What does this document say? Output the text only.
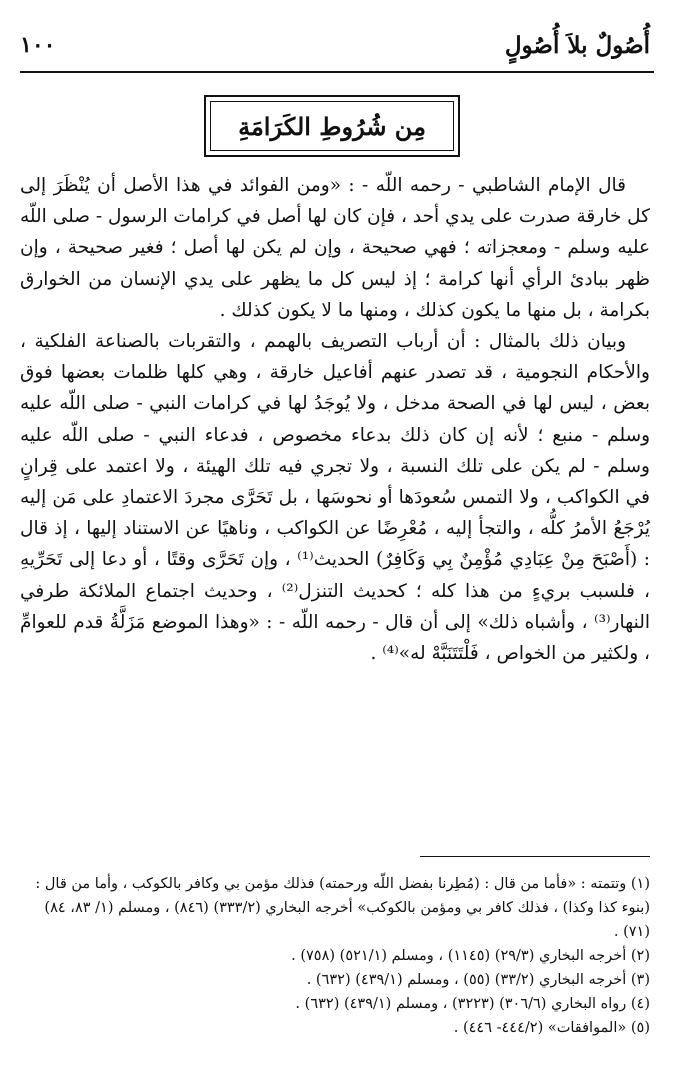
أُصُولٌ بلاَ أُصُولٍ
١٠٠
مِن شُرُوطِ الكَرَامَةِ

قال الإمام الشاطبي - رحمه اللّه - : «ومن الفوائد في هذا الأصل أن يُنْظَرَ إلى كل خارقة صدرت على يدي أحد ، فإن كان لها أصل في كرامات الرسول - صلى اللّه عليه وسلم - ومعجزاته ؛ فهي صحيحة ، وإن لم يكن لها أصل ؛ فغير صحيحة ، وإن ظهر ببادئ الرأي أنها كرامة ؛ إذ ليس كل ما يظهر على يدي الإنسان من الخوارق بكرامة ، بل منها ما يكون كذلك ، ومنها ما لا يكون كذلك .

وبيان ذلك بالمثال : أن أرباب التصريف بالهمم ، والتقربات بالصناعة الفلكية ، والأحكام النجومية ، قد تصدر عنهم أفاعيل خارقة ، وهي كلها ظلمات بعضها فوق بعض ، ليس لها في الصحة مدخل ، ولا يُوجَدُ لها في كرامات النبي - صلى اللّه عليه وسلم - منبع ؛ لأنه إن كان ذلك بدعاء مخصوص ، فدعاء النبي - صلى اللّه عليه وسلم - لم يكن على تلك النسبة ، ولا تجري فيه تلك الهيئة ، ولا اعتمد على قِرانٍ في الكواكب ، ولا التمس سُعودَها أو نحوسَها ، بل تَحَرَّى مجردَ الاعتمادِ على مَن إليه يُرْجَعُ الأمرُ كلُّه ، والتجأ إليه ، مُعْرِضًا عن الكواكب ، وناهيًا عن الاستناد إليها ، إذ قال : (أَصْبَحَ مِنْ عِبَادِي مُؤْمِنٌ بِي وَكَافِرٌ) الحديث⁽¹⁾ ، وإن تَحَرَّى وقتًا ، أو دعا إلى تَحَرِّيهِ ، فلسبب بريءٍ من هذا كله ؛ كحديث التنزل⁽²⁾ ، وحديث اجتماع الملائكة طرفي النهار⁽³⁾ ، وأشباه ذلك» إلى أن قال - رحمه اللّه - : «وهذا الموضع مَزَلَّةُ قدم للعوامِّ ، ولكثير من الخواص ، فَلْتَتَنَبَّهْ له»⁽⁴⁾ .

(١) وتتمته : «فأما من قال : (مُطِرنا بفضل اللّه ورحمته) فذلك مؤمن بي وكافر بالكوكب ، وأما من قال : (بنوء كذا وكذا) ، فذلك كافر بي ومؤمن بالكوكب» أخرجه البخاري (٣٣٣/٢) (٨٤٦) ، ومسلم (١/ ٨٣، ٨٤) (٧١) .

(٢) أخرجه البخاري (٢٩/٣) (١١٤٥) ، ومسلم (٥٢١/١) (٧٥٨) .

(٣) أخرجه البخاري (٣٣/٢) (٥٥) ، ومسلم (٤٣٩/١) (٦٣٢) .

(٤) رواه البخاري (٣٠٦/٦) (٣٢٢٣) ، ومسلم (٤٣٩/١) (٦٣٢) .

(٥) «الموافقات» (٤٤٤/٢- ٤٤٦) .
